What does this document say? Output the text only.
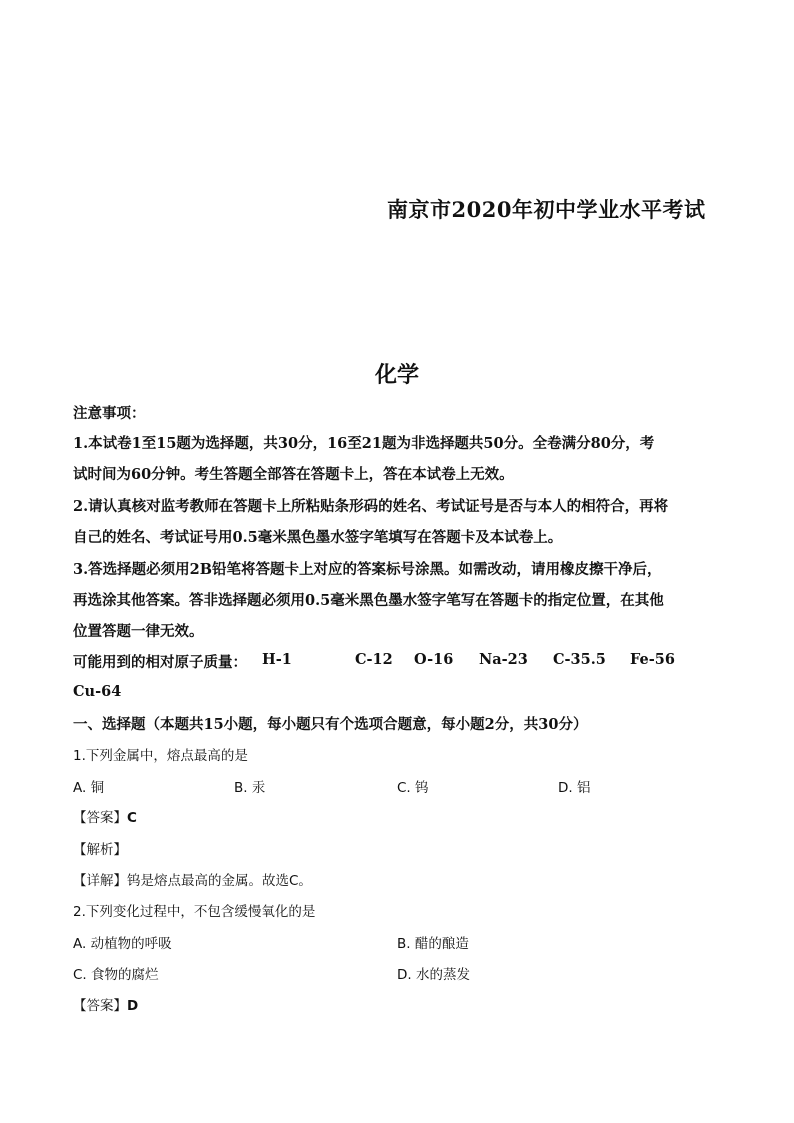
南京市2020年初中学业水平考试
化学
注意事项：
1.本试卷1至15题为选择题，共30分，16至21题为非选择题共50分。全卷满分80分，考
试时间为60分钟。考生答题全部答在答题卡上，答在本试卷上无效。
2.请认真核对监考教师在答题卡上所粘贴条形码的姓名、考试证号是否与本人的相符合，再将
自己的姓名、考试证号用0.5毫米黑色墨水签字笔填写在答题卡及本试卷上。
3.答选择题必须用2B铅笔将答题卡上对应的答案标号涂黑。如需改动，请用橡皮擦干净后，
再选涂其他答案。答非选择题必须用0.5毫米黑色墨水签字笔写在答题卡的指定位置，在其他
位置答题一律无效。
可能用到的相对原子质量： H-1	C-12 O-16 Na-23 C-35.5 Fe-56
Cu-64
一、选择题（本题共15小题，每小题只有个选项合题意，每小题2分，共30分）
1.下列金属中，熔点最高的是
A. 铜	B. 汞	C. 钨	D. 铝
【答案】C
【解析】
【详解】钨是熔点最高的金属。故选C。
2.下列变化过程中，不包含缓慢氧化的是
A. 动植物的呼吸	B. 醋的酿造
C. 食物的腐烂	D. 水的蒸发
【答案】D
